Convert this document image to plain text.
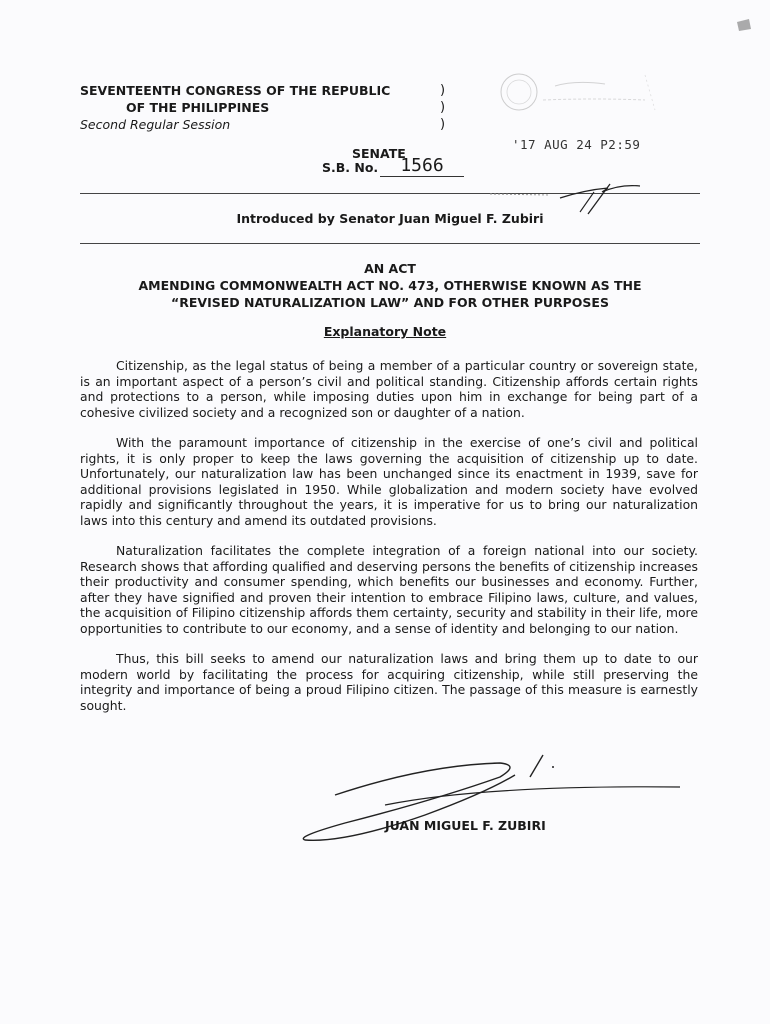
SEVENTEENTH CONGRESS OF THE REPUBLIC
OF THE PHILIPPINES
Second Regular Session
)
)
)
'17 AUG 24 P2:59
SENATE
S.B. No.	1566
Introduced by Senator Juan Miguel F. Zubiri
AN ACT
AMENDING COMMONWEALTH ACT NO. 473, OTHERWISE KNOWN AS THE
“REVISED NATURALIZATION LAW” AND FOR OTHER PURPOSES
Explanatory Note

Citizenship, as the legal status of being a member of a particular country or sovereign state, is an important aspect of a person’s civil and political standing. Citizenship affords certain rights and protections to a person, while imposing duties upon him in exchange for being part of a cohesive civilized society and a recognized son or daughter of a nation.

With the paramount importance of citizenship in the exercise of one’s civil and political rights, it is only proper to keep the laws governing the acquisition of citizenship up to date. Unfortunately, our naturalization law has been unchanged since its enactment in 1939, save for additional provisions legislated in 1950. While globalization and modern society have evolved rapidly and significantly throughout the years, it is imperative for us to bring our naturalization laws into this century and amend its outdated provisions.

Naturalization facilitates the complete integration of a foreign national into our society. Research shows that affording qualified and deserving persons the benefits of citizenship increases their productivity and consumer spending, which benefits our businesses and economy. Further, after they have signified and proven their intention to embrace Filipino laws, culture, and values, the acquisition of Filipino citizenship affords them certainty, security and stability in their life, more opportunities to contribute to our economy, and a sense of identity and belonging to our nation.

Thus, this bill seeks to amend our naturalization laws and bring them up to date to our modern world by facilitating the process for acquiring citizenship, while still preserving the integrity and importance of being a proud Filipino citizen. The passage of this measure is earnestly sought.

JUAN MIGUEL F. ZUBIRI
